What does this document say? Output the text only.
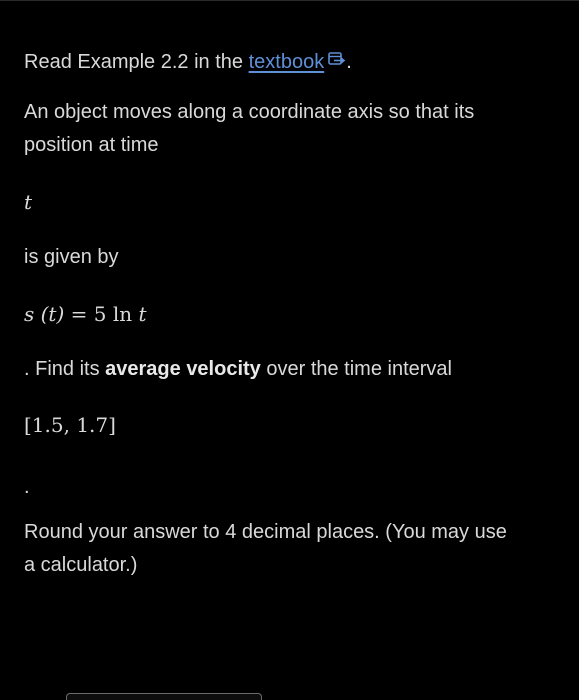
Read Example 2.2 in the textbook .
An object moves along a coordinate axis so that its
position at time
t
is given by
s (t) = 5 ln t
. Find its average velocity over the time interval
[1.5, 1.7]
.
Round your answer to 4 decimal places. (You may use
a calculator.)
